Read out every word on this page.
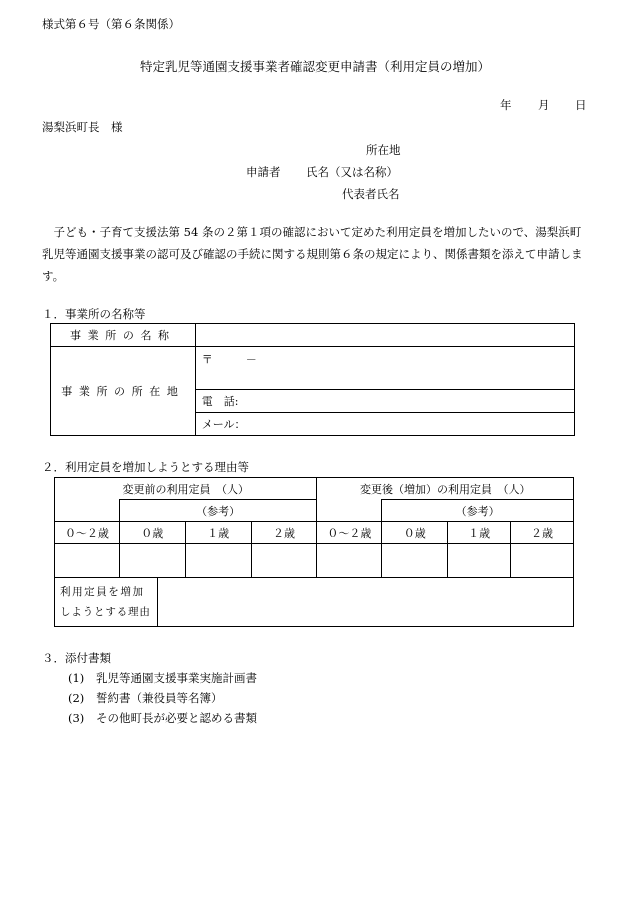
様式第６号（第６条関係）
特定乳児等通園支援事業者確認変更申請書（利用定員の増加）
年 月 日
湯梨浜町長　様
所在地
申請者 氏名（又は名称）
代表者氏名
　子ども・子育て支援法第 54 条の２第１項の確認において定めた利用定員を増加したいので、湯梨浜町乳児等通園支援事業の認可及び確認の手続に関する規則第６条の規定により、関係書類を添えて申請します。
１．事業所の名称等
事業所の名称	
事業所の所在地	〒　　　－
	電　話:
	メール：
２．利用定員を増加しようとする理由等
変更前の利用定員　（人）				変更後（増加）の利用定員　（人）			
	（参考）				（参考）		
０～２歳	０歳	１歳	２歳	０～２歳	０歳	１歳	２歳

利用定員を増加
しようとする理由

３．添付書類
(1) 乳児等通園支援事業実施計画書
(2) 誓約書（兼役員等名簿）
(3) その他町長が必要と認める書類
